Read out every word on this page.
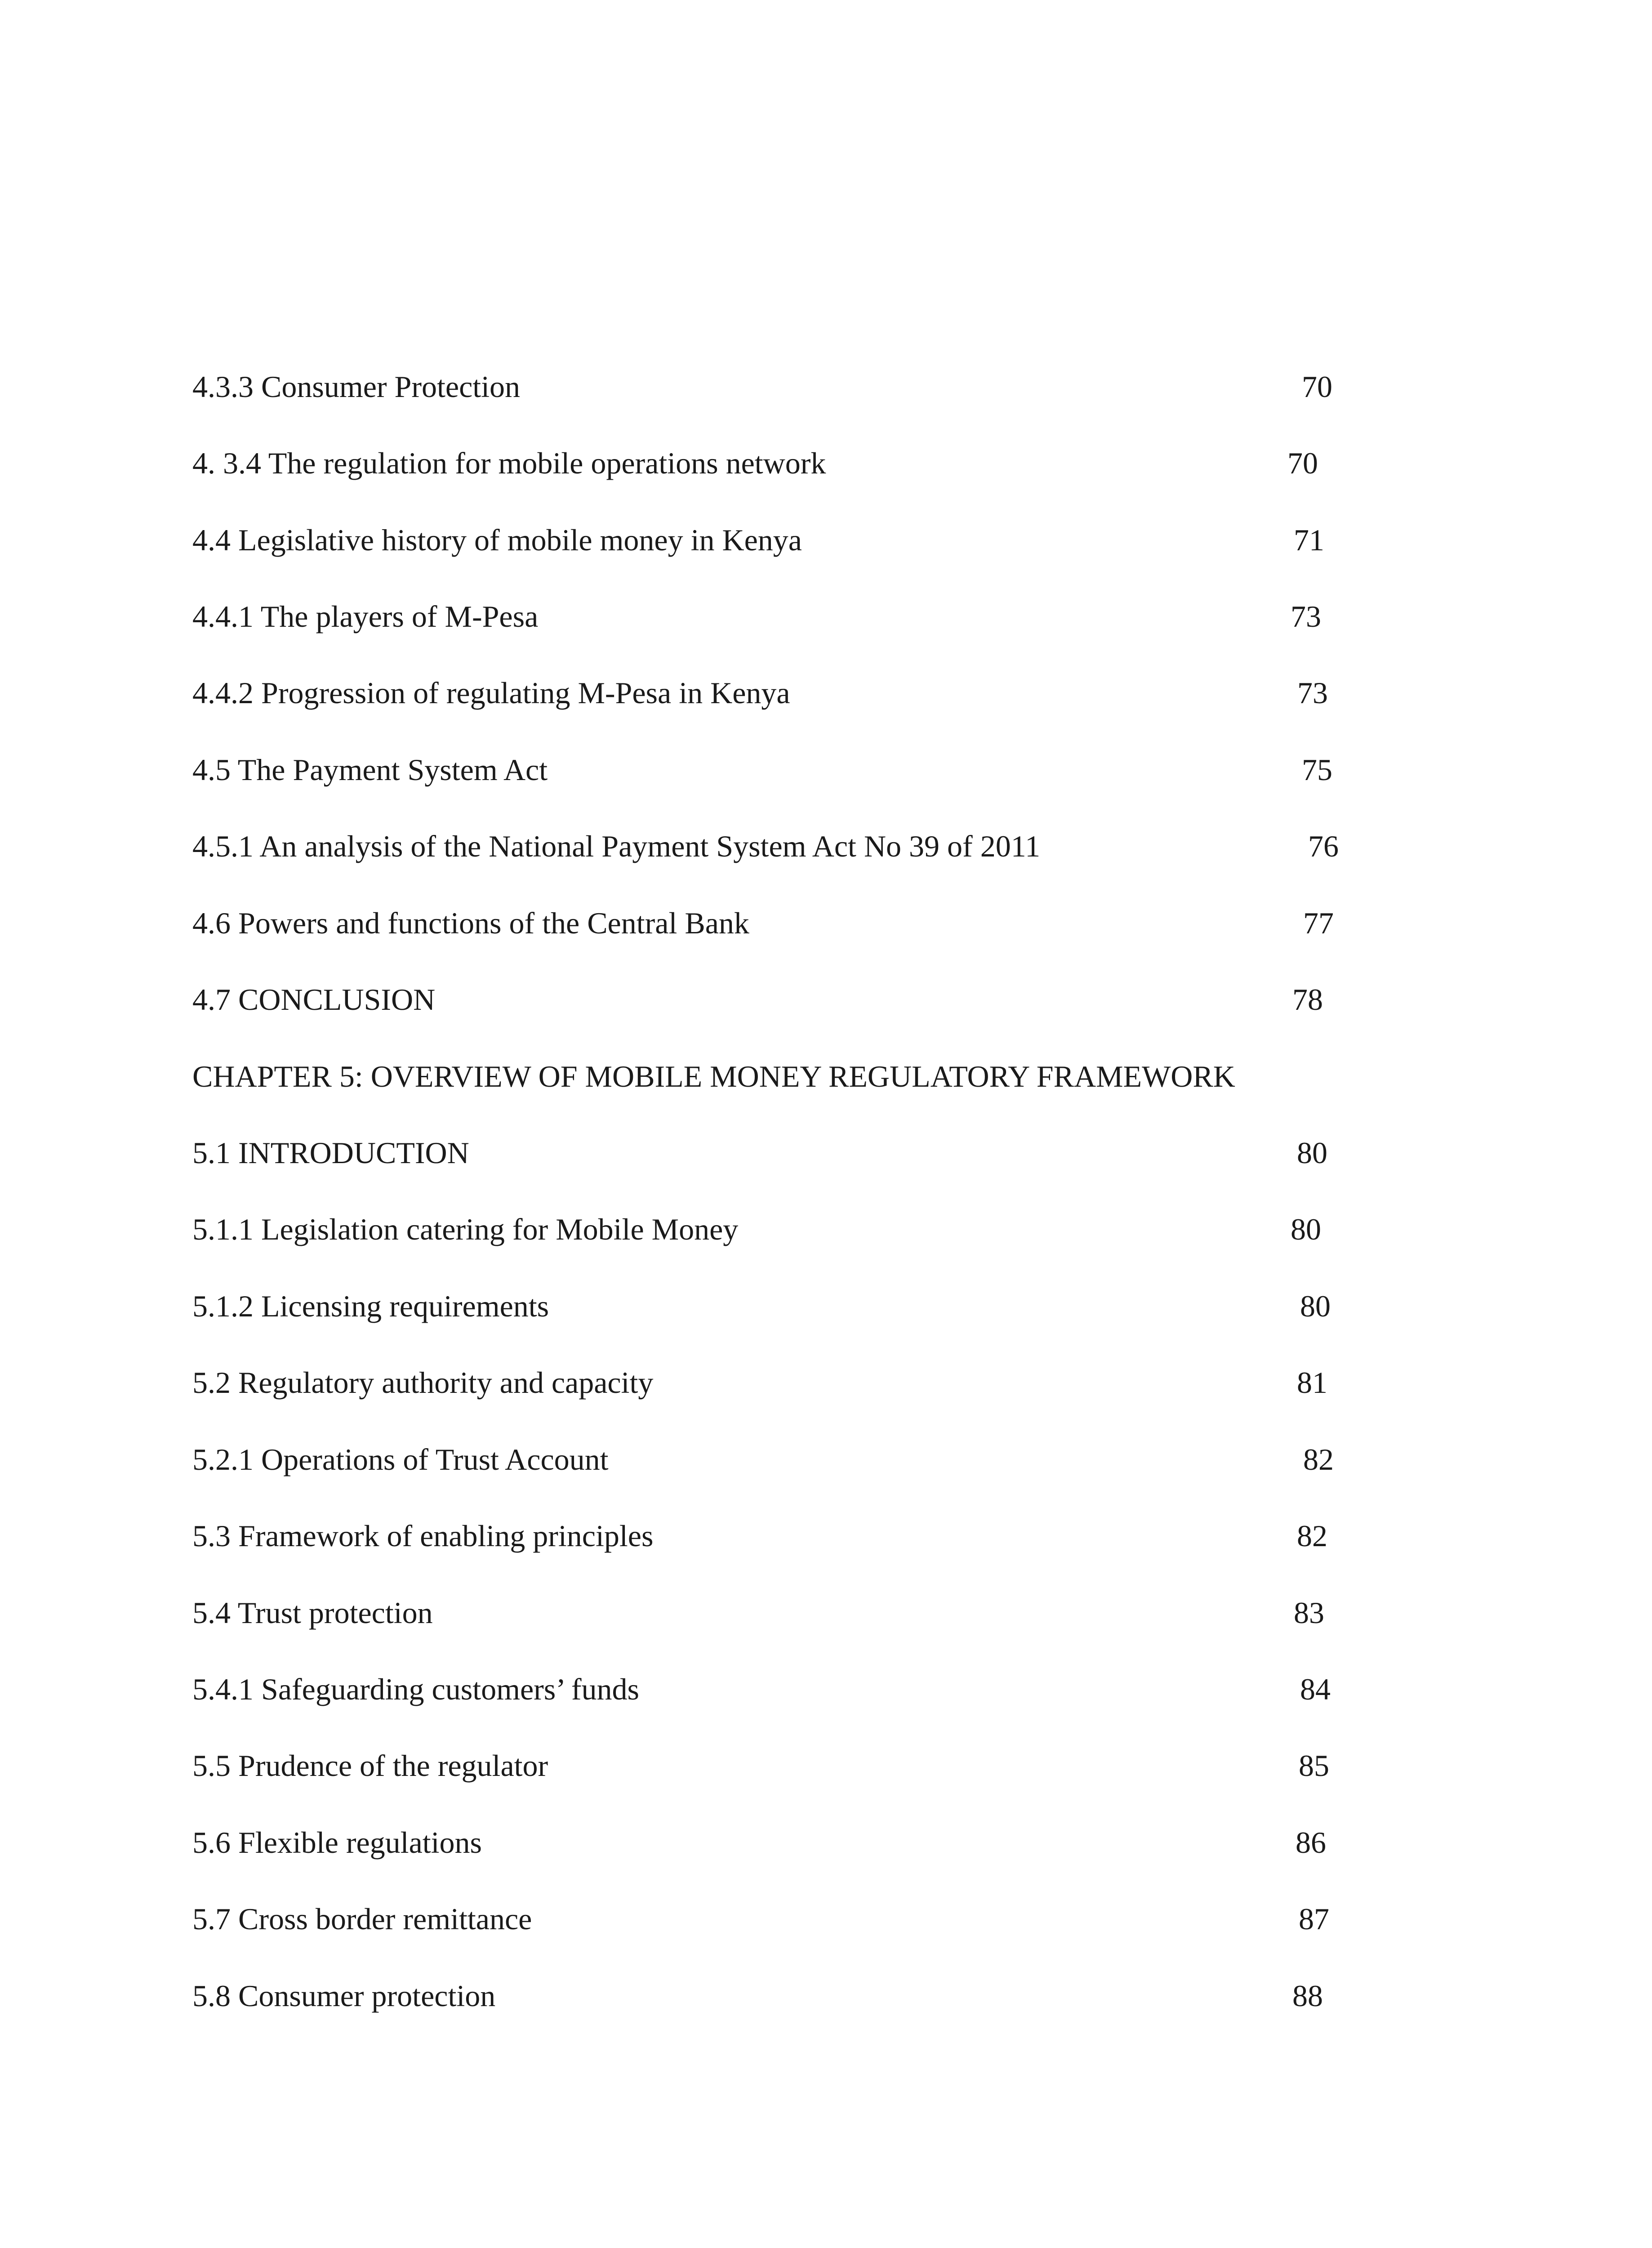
4.3.3 Consumer Protection	70
4. 3.4 The regulation for mobile operations network	70
4.4 Legislative history of mobile money in Kenya	71
4.4.1 The players of M-Pesa	73
4.4.2 Progression of regulating M-Pesa in Kenya	73
4.5 The Payment System Act	75
4.5.1 An analysis of the National Payment System Act No 39 of 2011	76
4.6 Powers and functions of the Central Bank	77
4.7 CONCLUSION	78
CHAPTER 5: OVERVIEW OF MOBILE MONEY REGULATORY FRAMEWORK
5.1 INTRODUCTION	80
5.1.1 Legislation catering for Mobile Money	80
5.1.2 Licensing requirements	80
5.2 Regulatory authority and capacity	81
5.2.1 Operations of Trust Account	82
5.3 Framework of enabling principles	82
5.4 Trust protection	83
5.4.1 Safeguarding customers’ funds	84
5.5 Prudence of the regulator	85
5.6 Flexible regulations	86
5.7 Cross border remittance	87
5.8 Consumer protection	88
